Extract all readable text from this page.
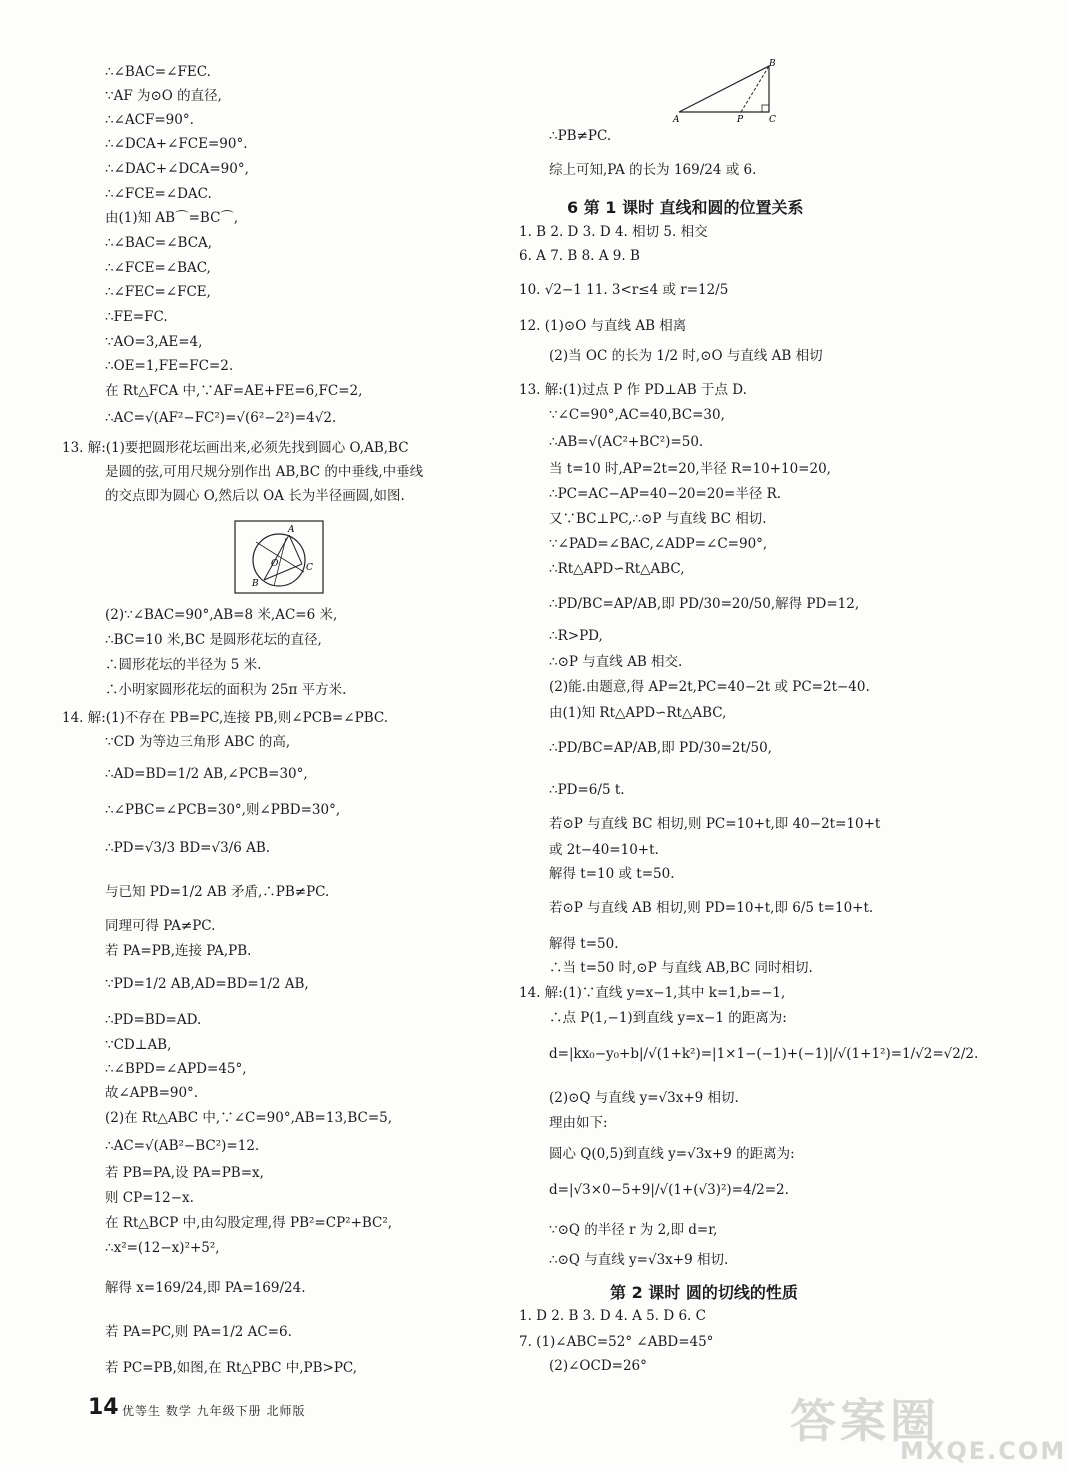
∴∠BAC=∠FEC.
∵AF 为⊙O 的直径,
∴∠ACF=90°.
∴∠DCA+∠FCE=90°.
∴∠DAC+∠DCA=90°,
∴∠FCE=∠DAC.
由(1)知 AB⌒=BC⌒,
∴∠BAC=∠BCA,
∴∠FCE=∠BAC,
∴∠FEC=∠FCE,
∴FE=FC.
∵AO=3,AE=4,
∴OE=1,FE=FC=2.
在 Rt△FCA 中,∵AF=AE+FE=6,FC=2,
∴AC=√(AF²−FC²)=√(6²−2²)=4√2.
13. 解:(1)要把圆形花坛画出来,必须先找到圆心 O,AB,BC
是圆的弦,可用尺规分别作出 AB,BC 的中垂线,中垂线
的交点即为圆心 O,然后以 OA 长为半径画圆,如图.
A
O
B
C
(2)∵∠BAC=90°,AB=8 米,AC=6 米,
∴BC=10 米,BC 是圆形花坛的直径,
∴圆形花坛的半径为 5 米.
∴小明家圆形花坛的面积为 25π 平方米.
14. 解:(1)不存在 PB=PC,连接 PB,则∠PCB=∠PBC.
∵CD 为等边三角形 ABC 的高,
∴AD=BD=1/2 AB,∠PCB=30°,
∴∠PBC=∠PCB=30°,则∠PBD=30°,
∴PD=√3/3 BD=√3/6 AB.
与已知 PD=1/2 AB 矛盾,∴PB≠PC.
同理可得 PA≠PC.
若 PA=PB,连接 PA,PB.
∵PD=1/2 AB,AD=BD=1/2 AB,
∴PD=BD=AD.
∵CD⊥AB,
∴∠BPD=∠APD=45°,
故∠APB=90°.
(2)在 Rt△ABC 中,∵∠C=90°,AB=13,BC=5,
∴AC=√(AB²−BC²)=12.
若 PB=PA,设 PA=PB=x,
则 CP=12−x.
在 Rt△BCP 中,由勾股定理,得 PB²=CP²+BC²,
∴x²=(12−x)²+5²,
解得 x=169/24,即 PA=169/24.
若 PA=PC,则 PA=1/2 AC=6.
若 PC=PB,如图,在 Rt△PBC 中,PB>PC,
A	P	C
B
∴PB≠PC.
综上可知,PA 的长为 169/24 或 6.
6 第 1 课时 直线和圆的位置关系
1. B 2. D 3. D 4. 相切 5. 相交
6. A 7. B 8. A 9. B
10. √2−1 11. 3<r≤4 或 r=12/5
12. (1)⊙O 与直线 AB 相离
(2)当 OC 的长为 1/2 时,⊙O 与直线 AB 相切
13. 解:(1)过点 P 作 PD⊥AB 于点 D.
∵∠C=90°,AC=40,BC=30,
∴AB=√(AC²+BC²)=50.
当 t=10 时,AP=2t=20,半径 R=10+10=20,
∴PC=AC−AP=40−20=20=半径 R.
又∵BC⊥PC,∴⊙P 与直线 BC 相切.
∵∠PAD=∠BAC,∠ADP=∠C=90°,
∴Rt△APD∽Rt△ABC,
∴PD/BC=AP/AB,即 PD/30=20/50,解得 PD=12,
∴R>PD,
∴⊙P 与直线 AB 相交.
(2)能.由题意,得 AP=2t,PC=40−2t 或 PC=2t−40.
由(1)知 Rt△APD∽Rt△ABC,
∴PD/BC=AP/AB,即 PD/30=2t/50,
∴PD=6/5 t.
若⊙P 与直线 BC 相切,则 PC=10+t,即 40−2t=10+t
或 2t−40=10+t.
解得 t=10 或 t=50.
若⊙P 与直线 AB 相切,则 PD=10+t,即 6/5 t=10+t.
解得 t=50.
∴当 t=50 时,⊙P 与直线 AB,BC 同时相切.
14. 解:(1)∵直线 y=x−1,其中 k=1,b=−1,
∴点 P(1,−1)到直线 y=x−1 的距离为:
d=|kx₀−y₀+b|/√(1+k²)=|1×1−(−1)+(−1)|/√(1+1²)=1/√2=√2/2.
(2)⊙Q 与直线 y=√3x+9 相切.
理由如下:
圆心 Q(0,5)到直线 y=√3x+9 的距离为:
d=|√3×0−5+9|/√(1+(√3)²)=4/2=2.
∵⊙Q 的半径 r 为 2,即 d=r,
∴⊙Q 与直线 y=√3x+9 相切.
第 2 课时 圆的切线的性质
1. D 2. B 3. D 4. A 5. D 6. C
7. (1)∠ABC=52° ∠ABD=45°
(2)∠OCD=26°
14 优等生 数学 九年级下册 北师版	答案圈
MXQE.COM
